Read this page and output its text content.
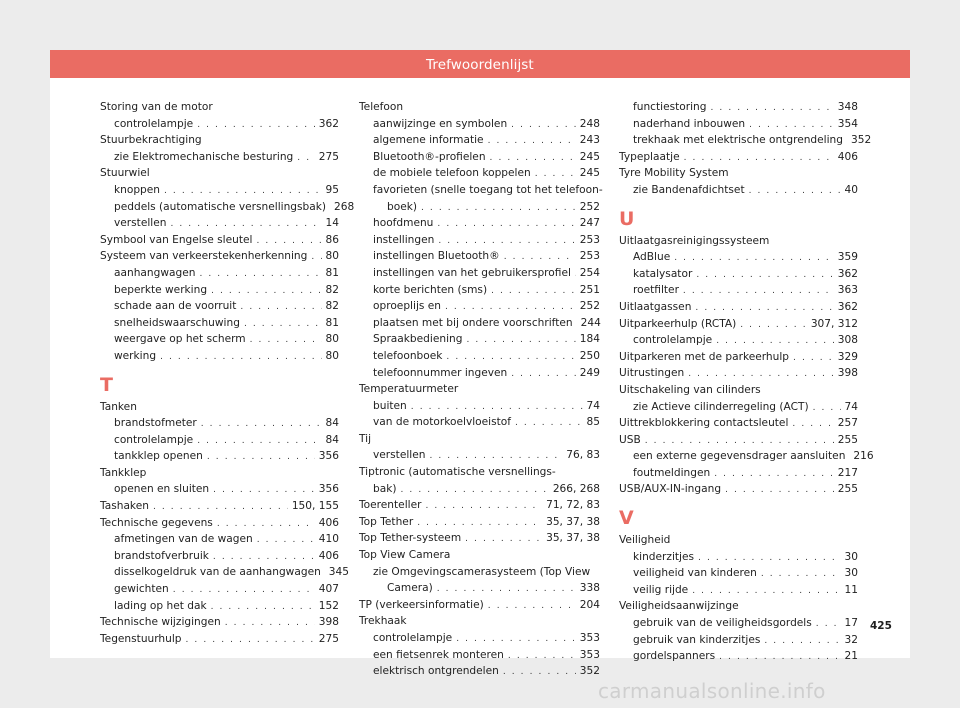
Trefwoordenlijst
Storing van de motor
controlelampje . . .	362
Stuurbekrachtiging
zie Elektromechanische besturing . . . 275
Stuurwiel
knoppen . . .	95
peddels (automatische versnellingsbak) 268
verstellen . . .	14
Symbool van Engelse sleutel . . .	86
Systeem van verkeerstekenherkenning . . . 80
aanhangwagen . . .	81
beperkte werking . . .	82
schade aan de voorruit . . .	82
snelheidswaarschuwing . . .	81
weergave op het scherm . . .	80
werking . . .	80
T
Tanken
brandstofmeter . . .	84
controlelampje . . .	84
tankklep openen . . .	356
Tankklep
openen en sluiten . . .	356
Tashaken . . .	150, 155
Technische gegevens . . .	406
afmetingen van de wagen . . .	410
brandstofverbruik . . .	406
disselkogeldruk van de aanhangwagen 345
gewichten . . .	407
lading op het dak . . .	152
Technische wijzigingen . . .	398
Tegenstuurhulp . . .	275
Telefoon
aanwijzinge en symbolen . . .	248
algemene informatie . . .	243
Bluetooth®-profielen . . .	245
de mobiele telefoon koppelen . . .	245
favorieten (snelle toegang tot het telefoon-
boek) . . .	252
hoofdmenu . . .	247
instellingen . . .	253
instellingen Bluetooth® . . .	253
instellingen van het gebruikersprofiel . . . 254
korte berichten (sms) . . .	251
oproeplijs en . . .	252
plaatsen met bij ondere voorschriften 244
Spraakbediening . . .	184
telefoonboek . . .	250
telefoonnummer ingeven . . .	249
Temperatuurmeter
buiten . . .	74
van de motorkoelvloeistof . . .	85
Tij
verstellen . . .	76, 83
Tiptronic (automatische versnellings-
bak) . . .	266, 268
Toerenteller . . .	71, 72, 83
Top Tether . . .	35, 37, 38
Top Tether-systeem . . .	35, 37, 38
Top View Camera
zie Omgevingscamerasysteem (Top View
Camera) . . .	338
TP (verkeersinformatie) . . .	204
Trekhaak
controlelampje . . .	353
een fietsenrek monteren . . .	353
elektrisch ontgrendelen . . .	352
functiestoring . . .	348
naderhand inbouwen . . .	354
trekhaak met elektrische ontgrendeling 352
Typeplaatje . . .	406
Tyre Mobility System
zie Bandenafdichtset . . .	40
U
Uitlaatgasreinigingssysteem
AdBlue . . .	359
katalysator . . .	362
roetfilter . . .	363
Uitlaatgassen . . .	362
Uitparkeerhulp (RCTA) . . .	307, 312
controlelampje . . .	308
Uitparkeren met de parkeerhulp . . .	329
Uitrustingen . . .	398
Uitschakeling van cilinders
zie Actieve cilinderregeling (ACT) . . .	74
Uittrekblokkering contactsleutel . . .	257
USB . . .	255
een externe gegevensdrager aansluiten 216
foutmeldingen . . .	217
USB/AUX-IN-ingang . . .	255
V
Veiligheid
kinderzitjes . . .	30
veiligheid van kinderen . . .	30
veilig rijde . . .	11
Veiligheidsaanwijzinge
gebruik van de veiligheidsgordels . . .	17
gebruik van kinderzitjes . . .	32
gordelspanners . . .	21
425
carmanualsonline.info
